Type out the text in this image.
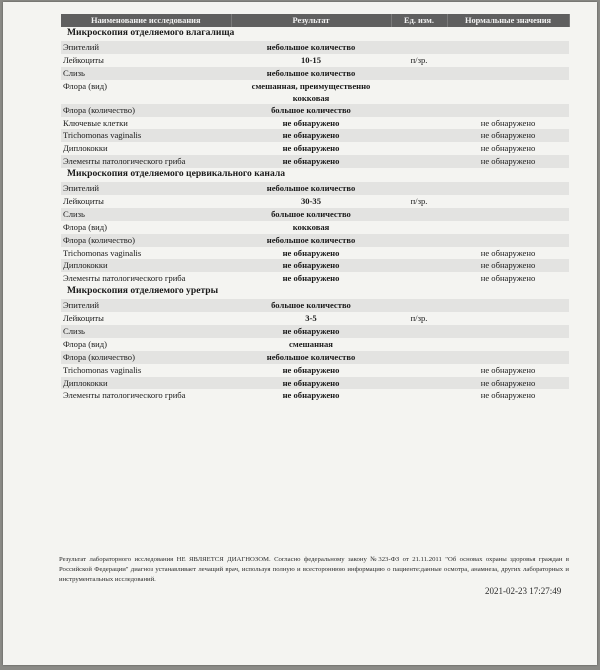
Наименование исследования	Результат	Ед. изм.	Нормальные значения
Микроскопия отделяемого влагалища			
Эпителий	небольшое количество		
Лейкоциты	10-15	п/зр.	
Слизь	небольшое количество		
Флора (вид)	смешанная, преимущественно кокковая		
Флора (количество)	большое количество		
Ключевые клетки	не обнаружено		не обнаружено
Trichomonas vaginalis	не обнаружено		не обнаружено
Диплококки	не обнаружено		не обнаружено
Элементы патологического гриба	не обнаружено		не обнаружено
Микроскопия отделяемого цервикального канала			
Эпителий	небольшое количество		
Лейкоциты	30-35	п/зр.	
Слизь	большое количество		
Флора (вид)	кокковая		
Флора (количество)	небольшое количество		
Trichomonas vaginalis	не обнаружено		не обнаружено
Диплококки	не обнаружено		не обнаружено
Элементы патологического гриба	не обнаружено		не обнаружено
Микроскопия отделяемого уретры			
Эпителий	большое количество		
Лейкоциты	3-5	п/зр.	
Слизь	не обнаружено		
Флора (вид)	смешанная		
Флора (количество)	небольшое количество		
Trichomonas vaginalis	не обнаружено		не обнаружено
Диплококки	не обнаружено		не обнаружено
Элементы патологического гриба	не обнаружено		не обнаружено
Результат лабораторного исследования НЕ ЯВЛЯЕТСЯ ДИАГНОЗОМ. Согласно федеральному закону №323-ФЗ от 21.11.2011 "Об основах охраны здоровья граждан в Российской Федерации" диагноз устанавливает лечащий врач, используя полную и всестороннюю информацию о пациенте:данные осмотра, анамнеза, других лабораторных и инструментальных исследований.
2021-02-23 17:27:49
